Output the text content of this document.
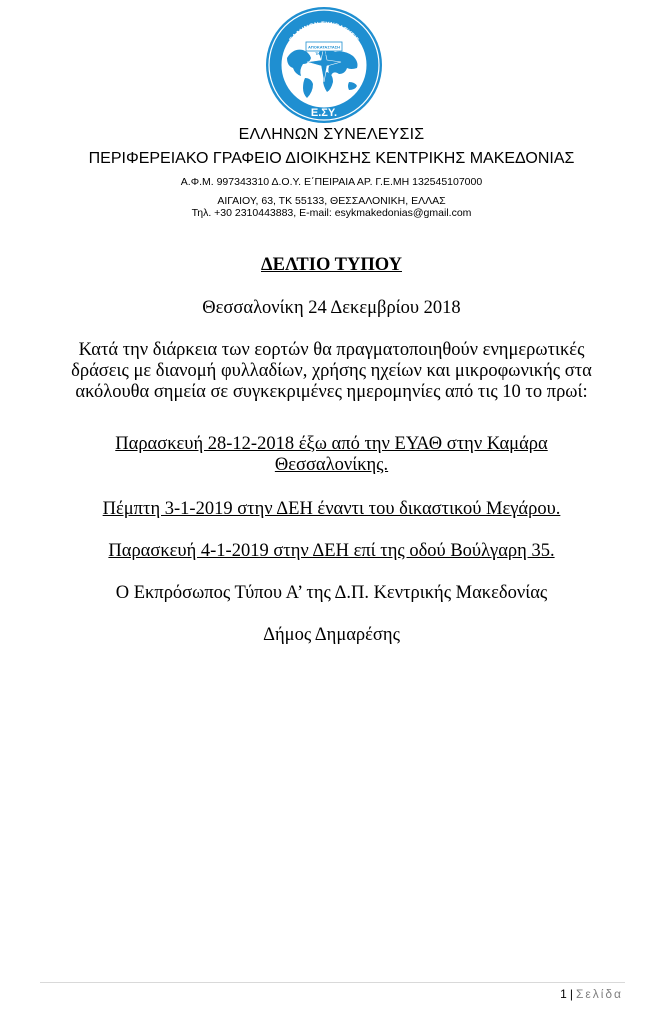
ΑΠΟΚΑΤΑΣΤΑΣΗ
ΤΗΣ ΓΑΙΑΣ
ΕΛΛΗΝΩΝ ΣΥΝΕΛΕΥΣΙΣ
Ε.ΣΥ.
ΕΛΛΗΝΩΝ ΣΥΝΕΛΕΥΣΙΣ
ΠΕΡΙΦΕΡΕΙΑΚΟ ΓΡΑΦΕΙΟ ΔΙΟΙΚΗΣΗΣ ΚΕΝΤΡΙΚΗΣ ΜΑΚΕΔΟΝΙΑΣ
Α.Φ.Μ. 997343310 Δ.Ο.Υ. Ε΄ΠΕΙΡΑΙΑ ΑΡ. Γ.Ε.ΜΗ 132545107000
ΑΙΓΑΙΟΥ, 63, ΤΚ 55133, ΘΕΣΣΑΛΟΝΙΚΗ, ΕΛΛΑΣ
Τηλ. +30 2310443883, E-mail: esykmakedonias@gmail.com
ΔΕΛΤΙΟ ΤΥΠΟΥ
Θεσσαλονίκη 24 Δεκεμβρίου 2018
Κατά την διάρκεια των εορτών θα πραγματοποιηθούν ενημερωτικές
δράσεις με διανομή φυλλαδίων, χρήσης ηχείων και μικροφωνικής στα
ακόλουθα σημεία σε συγκεκριμένες ημερομηνίες από τις 10 το πρωί:
Παρασκευή 28-12-2018 έξω από την ΕΥΑΘ στην Καμάρα
Θεσσαλονίκης.
Πέμπτη 3-1-2019 στην ΔΕΗ έναντι του δικαστικού Μεγάρου.
Παρασκευή 4-1-2019 στην ΔΕΗ επί της οδού Βούλγαρη 35.
Ο Εκπρόσωπος Τύπου Α’ της Δ.Π. Κεντρικής Μακεδονίας
Δήμος Δημαρέσης
1 | Σελίδα
